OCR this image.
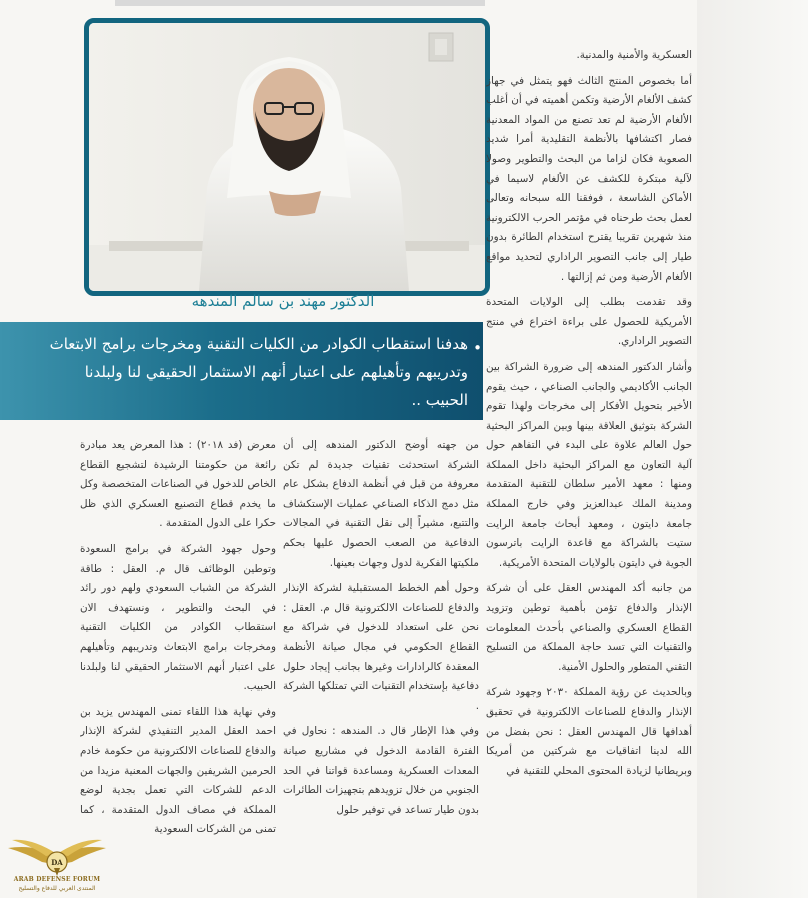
الدكتور مهند بن سالم المندهه
•
هدفنا استقطاب الكوادر من الكليات التقنية ومخرجات برامج الابتعاث وتدريبهم وتأهيلهم على اعتبار أنهم الاستثمار الحقيقي لنا ولبلدنا الحبيب ..

العسكرية والأمنية والمدنية.

أما بخصوص المنتج الثالث فهو يتمثل في جهاز كشف الألغام الأرضية وتكمن أهميته في أن أغلب الألغام الأرضية لم تعد تصنع من المواد المعدنية فصار اكتشافها بالأنظمة التقليدية أمرا شديد الصعوبة فكان لزاما من البحث والتطوير وصولا لآلية مبتكرة للكشف عن الألغام لاسيما في الأماكن الشاسعة ، فوفقنا الله سبحانه وتعالى لعمل بحث طرحناه في مؤتمر الحرب الالكترونية منذ شهرين تقريبا يقترح استخدام الطائرة بدون طيار إلى جانب التصوير الراداري لتحديد مواقع الألغام الأرضية ومن ثم إزالتها .

وقد تقدمت بطلب إلى الولايات المتحدة الأمريكية للحصول على براءة اختراع في منتج التصوير الراداري.

وأشار الدكتور المندهه إلى ضرورة الشراكة بين الجانب الأكاديمي والجانب الصناعي ، حيث يقوم الأخير بتحويل الأفكار إلى مخرجات ولهذا تقوم الشركة بتوثيق العلاقة بينها وبين المراكز البحثية حول العالم علاوة على البدء في التفاهم حول آلية التعاون مع المراكز البحثية داخل المملكة ومنها : معهد الأمير سلطان للتقنية المتقدمة ومدينة الملك عبدالعزيز وفي خارج المملكة جامعة دايتون ، ومعهد أبحاث جامعة الرايت ستيت بالشراكة مع قاعدة الرايت باترسون الجوية في دايتون بالولايات المتحدة الأمريكية.

من جانبه أكد المهندس العقل على أن شركة الإنذار والدفاع تؤمن بأهمية توطين وتزويد القطاع العسكري والصناعي بأحدث المعلومات والتقنيات التي تسد حاجة المملكة من التسليح التقني المتطور والحلول الأمنية.

وبالحديث عن رؤية المملكة ٢٠٣٠ وجهود شركة الإنذار والدفاع للصناعات الالكترونية في تحقيق أهدافها قال المهندس العقل : نحن بفضل من الله لدينا اتفاقيات مع شركتين من أمريكا وبريطانيا لزيادة المحتوى المحلي للتقنية في

من جهته أوضح الدكتور المندهه إلى أن الشركة استحدثت تقنيات جديدة لم تكن معروفة من قبل في أنظمة الدفاع بشكل عام مثل دمج الذكاء الصناعي عمليات الإستكشاف والتتبع، مشيراً إلى نقل التقنية في المجالات الدفاعية من الصعب الحصول عليها بحكم ملكيتها الفكرية لدول وجهات بعينها.

وحول أهم الخطط المستقبلية لشركة الإنذار والدفاع للصناعات الالكترونية قال م. العقل : نحن على استعداد للدخول في شراكة مع القطاع الحكومي في مجال صيانة الأنظمة المعقدة كالرادارات وغيرها بجانب إيجاد حلول دفاعية بإستخدام التقنيات التي تمتلكها الشركة .

وفي هذا الإطار قال د. المندهه : نحاول في الفترة القادمة الدخول في مشاريع صيانة المعدات العسكرية ومساعدة قواتنا في الحد الجنوبي من خلال تزويدهم بتجهيزات الطائرات بدون طيار تساعد في توفير حلول

معرض (فد ٢٠١٨) : هذا المعرض يعد مبادرة رائعة من حكومتنا الرشيدة لتشجيع القطاع الخاص للدخول في الصناعات المتخصصة وكل ما يخدم قطاع التصنيع العسكري الذي ظل حكرا على الدول المتقدمة .

وحول جهود الشركة في برامج السعودة وتوطين الوظائف قال م. العقل : طاقة الشركة من الشباب السعودي ولهم دور رائد في البحث والتطوير ، ونستهدف الان استقطاب الكوادر من الكليات التقنية ومخرجات برامج الابتعاث وتدريبهم وتأهيلهم على اعتبار أنهم الاستثمار الحقيقي لنا ولبلدنا الحبيب.

وفي نهاية هذا اللقاء تمنى المهندس يزيد بن احمد العقل المدير التنفيذي لشركة الإنذار والدفاع للصناعات الالكترونية من حكومة خادم الحرمين الشريفين والجهات المعنية مزيدا من الدعم للشركات التي تعمل بجدية لوضع المملكة في مصاف الدول المتقدمة ، كما تمنى من الشركات السعودية

DA
ARAB DEFENSE FORUM
المنتدى العربي للدفاع والتسليح
